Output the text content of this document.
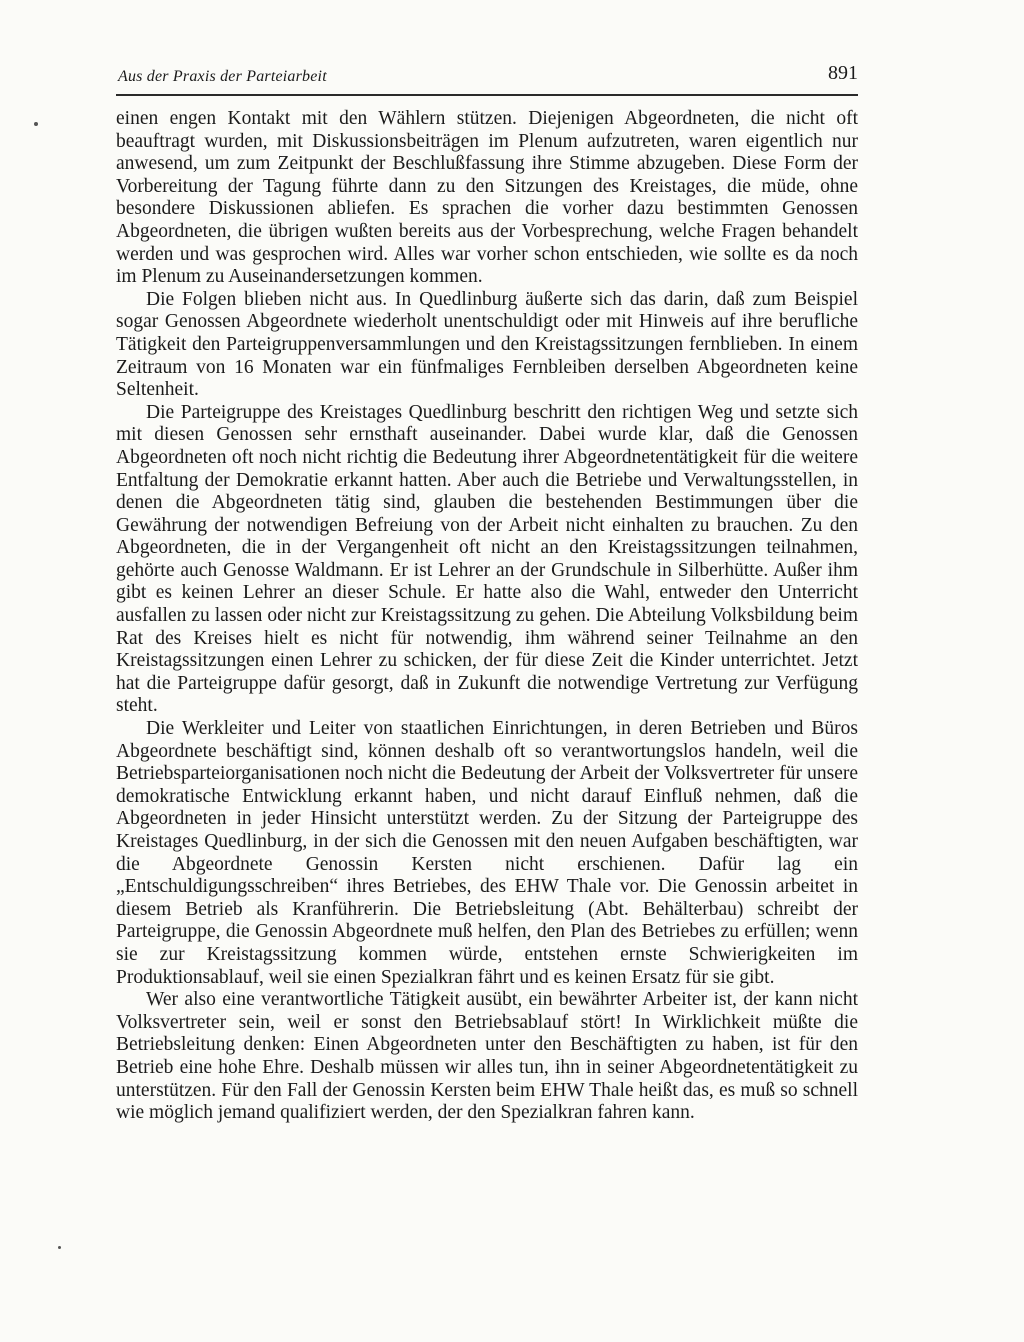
Aus der Praxis der Parteiarbeit	891

einen engen Kontakt mit den Wählern stützen. Diejenigen Abgeordneten, die nicht oft beauftragt wurden, mit Diskussionsbeiträgen im Plenum aufzutreten, waren eigentlich nur anwesend, um zum Zeitpunkt der Beschlußfassung ihre Stimme abzugeben. Diese Form der Vorbereitung der Tagung führte dann zu den Sitzungen des Kreistages, die müde, ohne besondere Diskussionen abliefen. Es sprachen die vorher dazu bestimmten Genossen Abgeordneten, die übrigen wußten bereits aus der Vorbesprechung, welche Fragen behandelt werden und was gesprochen wird. Alles war vorher schon entschieden, wie sollte es da noch im Plenum zu Auseinandersetzungen kommen.

Die Folgen blieben nicht aus. In Quedlinburg äußerte sich das darin, daß zum Beispiel sogar Genossen Abgeordnete wiederholt unentschuldigt oder mit Hinweis auf ihre berufliche Tätigkeit den Parteigruppenversammlungen und den Kreistagssitzungen fernblieben. In einem Zeitraum von 16 Monaten war ein fünfmaliges Fernbleiben derselben Abgeordneten keine Seltenheit.

Die Parteigruppe des Kreistages Quedlinburg beschritt den richtigen Weg und setzte sich mit diesen Genossen sehr ernsthaft auseinander. Dabei wurde klar, daß die Genossen Abgeordneten oft noch nicht richtig die Bedeutung ihrer Abgeordnetentätigkeit für die weitere Entfaltung der Demokratie erkannt hatten. Aber auch die Betriebe und Verwaltungsstellen, in denen die Abgeordneten tätig sind, glauben die bestehenden Bestimmungen über die Gewährung der notwendigen Befreiung von der Arbeit nicht einhalten zu brauchen. Zu den Abgeordneten, die in der Vergangenheit oft nicht an den Kreistagssitzungen teilnahmen, gehörte auch Genosse Waldmann. Er ist Lehrer an der Grundschule in Silberhütte. Außer ihm gibt es keinen Lehrer an dieser Schule. Er hatte also die Wahl, entweder den Unterricht ausfallen zu lassen oder nicht zur Kreistagssitzung zu gehen. Die Abteilung Volksbildung beim Rat des Kreises hielt es nicht für notwendig, ihm während seiner Teilnahme an den Kreistagssitzungen einen Lehrer zu schicken, der für diese Zeit die Kinder unterrichtet. Jetzt hat die Parteigruppe dafür gesorgt, daß in Zukunft die notwendige Vertretung zur Verfügung steht.

Die Werkleiter und Leiter von staatlichen Einrichtungen, in deren Betrieben und Büros Abgeordnete beschäftigt sind, können deshalb oft so verantwortungslos handeln, weil die Betriebsparteiorganisationen noch nicht die Bedeutung der Arbeit der Volksvertreter für unsere demokratische Entwicklung erkannt haben, und nicht darauf Einfluß nehmen, daß die Abgeordneten in jeder Hinsicht unterstützt werden. Zu der Sitzung der Parteigruppe des Kreistages Quedlinburg, in der sich die Genossen mit den neuen Aufgaben beschäftigten, war die Abgeordnete Genossin Kersten nicht erschienen. Dafür lag ein „Entschuldigungsschreiben“ ihres Betriebes, des EHW Thale vor. Die Genossin arbeitet in diesem Betrieb als Kranführerin. Die Betriebsleitung (Abt. Behälterbau) schreibt der Parteigruppe, die Genossin Abgeordnete muß helfen, den Plan des Betriebes zu erfüllen; wenn sie zur Kreistagssitzung kommen würde, entstehen ernste Schwierigkeiten im Produktionsablauf, weil sie einen Spezialkran fährt und es keinen Ersatz für sie gibt.

Wer also eine verantwortliche Tätigkeit ausübt, ein bewährter Arbeiter ist, der kann nicht Volksvertreter sein, weil er sonst den Betriebsablauf stört! In Wirklichkeit müßte die Betriebsleitung denken: Einen Abgeordneten unter den Beschäftigten zu haben, ist für den Betrieb eine hohe Ehre. Deshalb müssen wir alles tun, ihn in seiner Abgeordnetentätigkeit zu unterstützen. Für den Fall der Genossin Kersten beim EHW Thale heißt das, es muß so schnell wie möglich jemand qualifiziert werden, der den Spezialkran fahren kann.
